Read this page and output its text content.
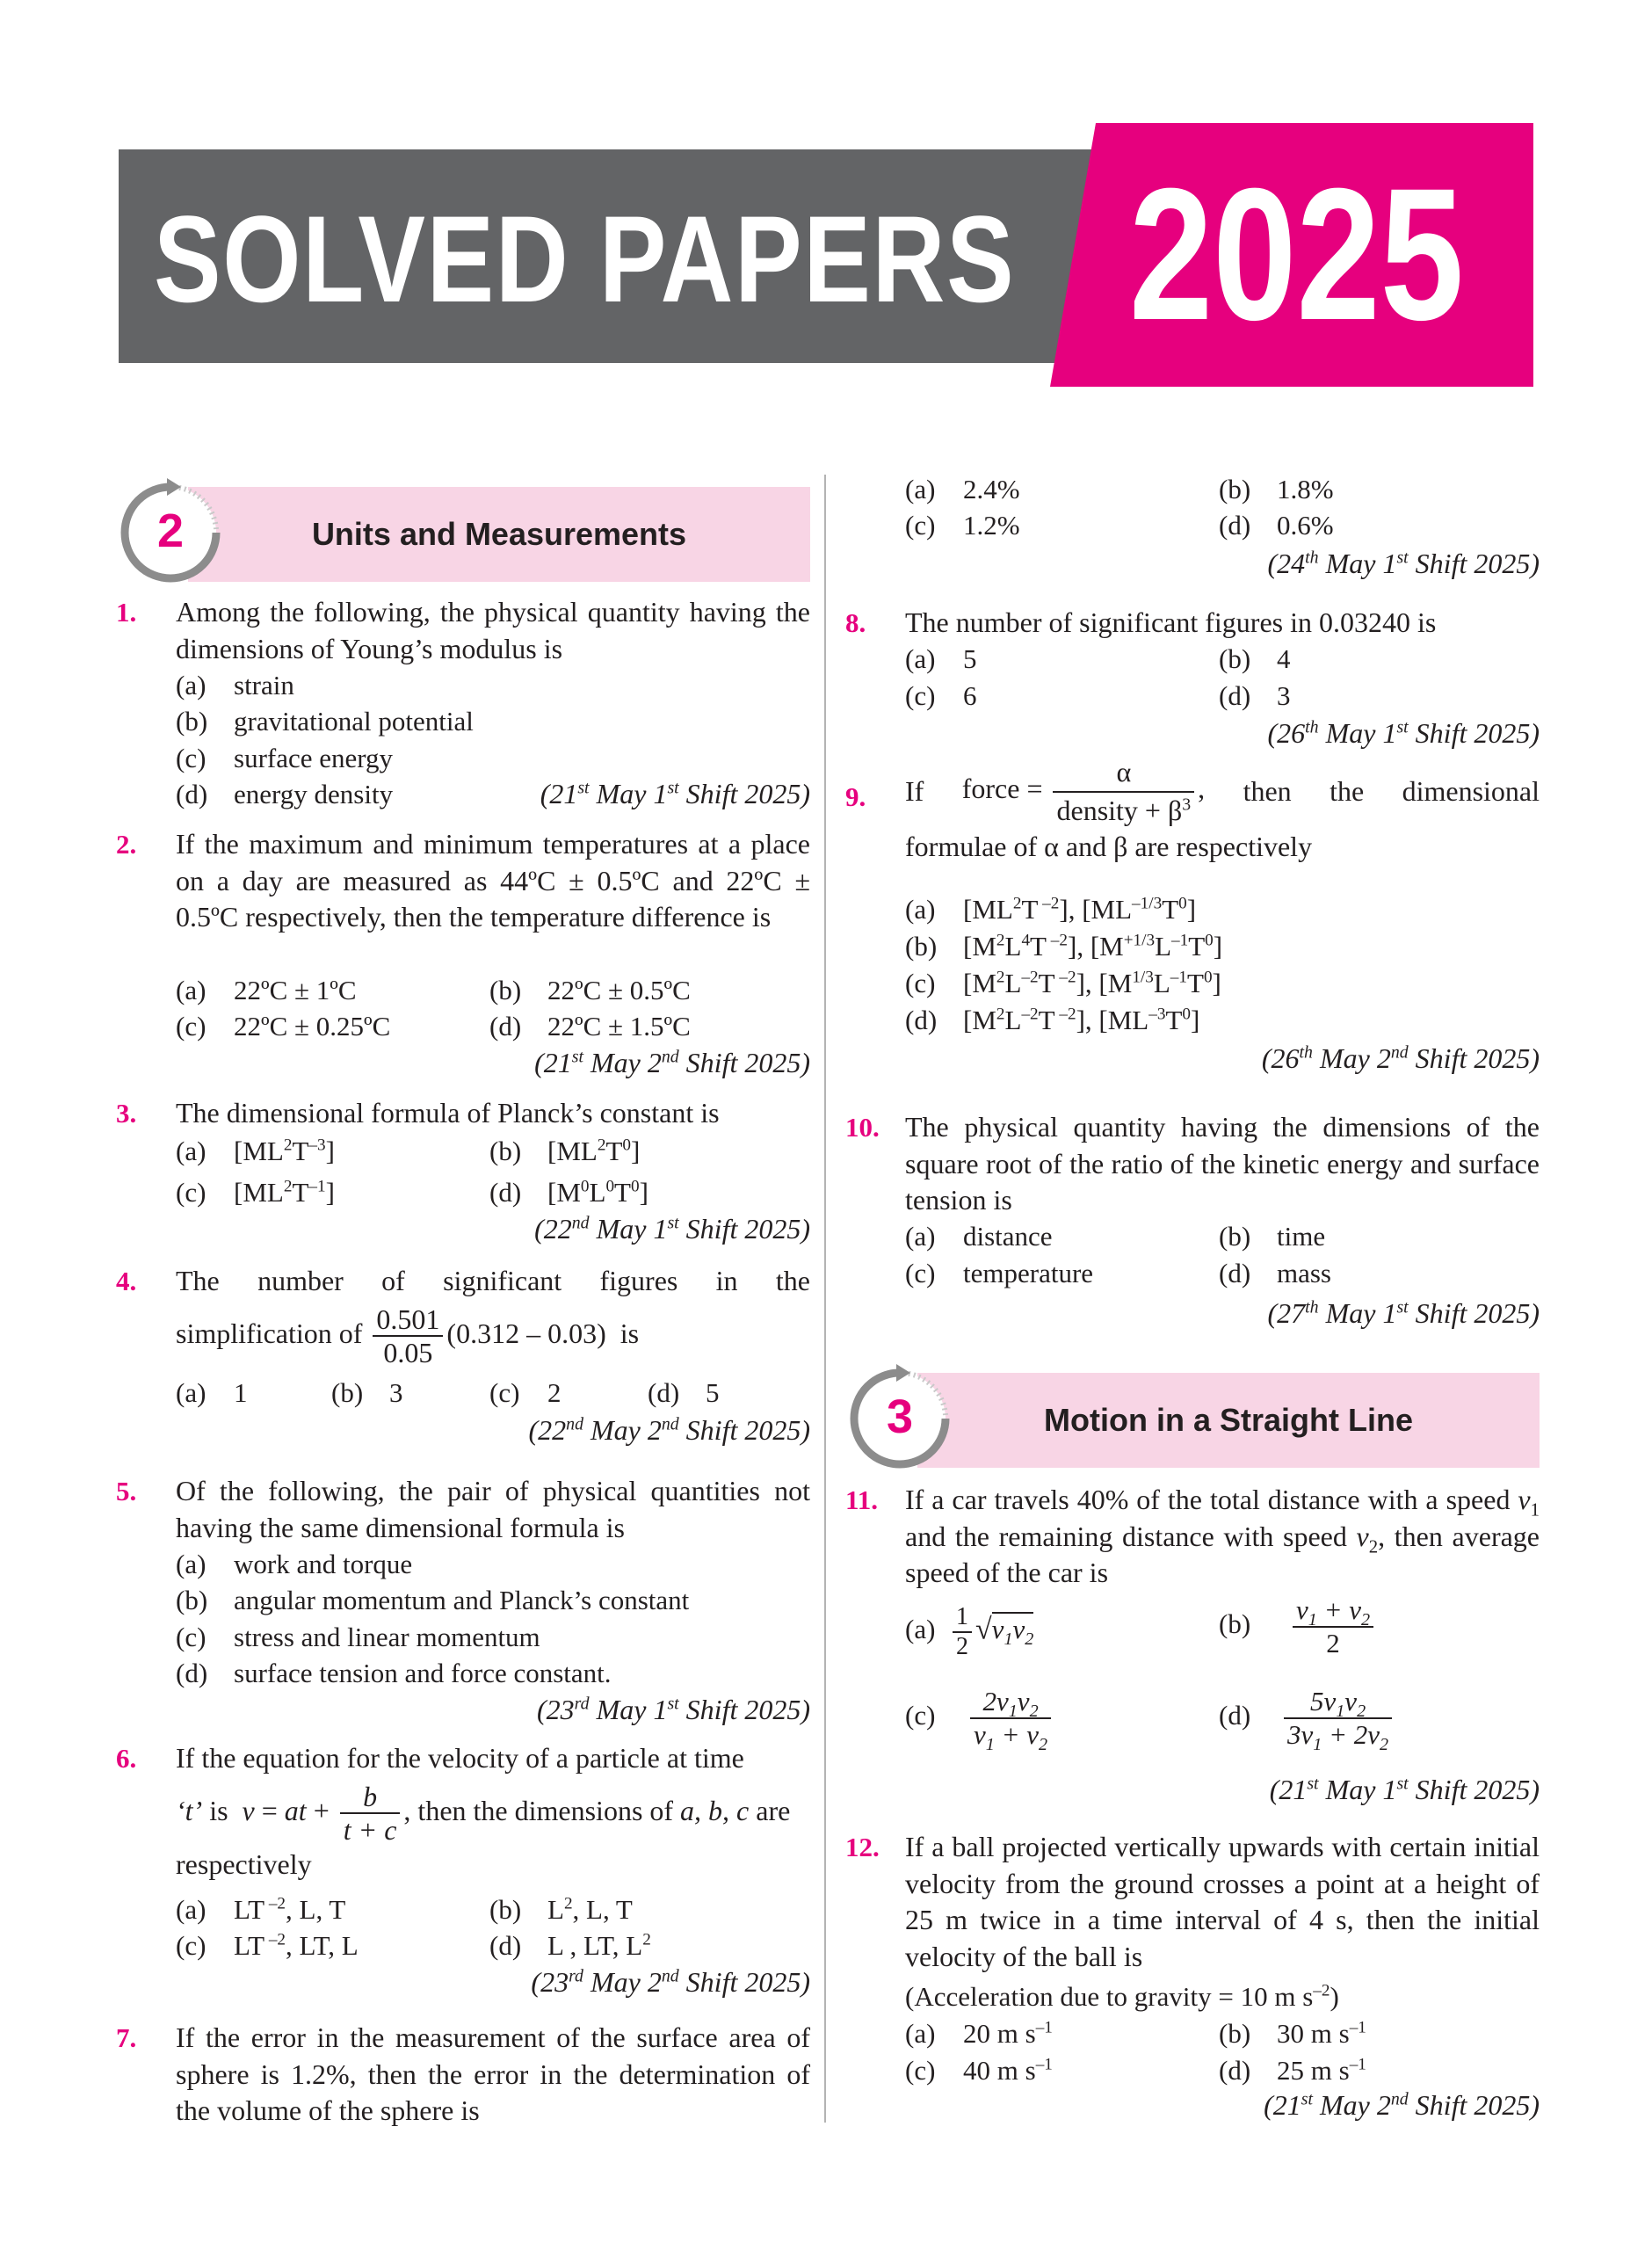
SOLVED PAPERS 2025
2	Units and Measurements
1. Among the following, the physical quantity having the dimensions of Young’s modulus is
(a) strain
(b) gravitational potential
(c) surface energy
(d) energy density	(21st May 1st Shift 2025)
2. If the maximum and minimum temperatures at a place on a day are measured as 44ºC ± 0.5ºC and 22ºC ± 0.5ºC respectively, then the temperature difference is
(a) 22ºC ± 1ºC	(b) 22ºC ± 0.5ºC
(c) 22ºC ± 0.25ºC	(d) 22ºC ± 1.5ºC
(21st May 2nd Shift 2025)
3. The dimensional formula of Planck’s constant is
(a) $[ML^2T^{-3}]$	(b) $[ML^2T^0]$
(c) $[ML^2T^{-1}]$	(d) $[M^0L^0T^0]$
(22nd May 1st Shift 2025)
4. The number of significant figures in the
simplification of $\frac{0.501}{0.05} (0.312 - 0.03)$  is
(a) 1	(b) 3	(c) 2	(d) 5
(22nd May 2nd Shift 2025)
5. Of the following, the pair of physical quantities not having the same dimensional formula is
(a) work and torque
(b) angular momentum and Planck’s constant
(c) stress and linear momentum
(d) surface tension and force constant.
(23rd May 1st Shift 2025)
6. If the equation for the velocity of a particle at time
‘t’ is  v = at + $\frac{b}{t + c}$ , then the dimensions of a, b, c are
respectively
(a) LT $^{-2}$, L, T	(b) $L^2$, L, T
(c) LT $^{-2}$, LT, L	(d) L , LT, $L^2$
(23rd May 2nd Shift 2025)
7. If the error in the measurement of the surface area of sphere is 1.2%, then the error in the determination of the volume of the sphere is
(a) 2.4%	(b) 1.8%
(c) 1.2%	(d) 0.6%
(24th May 1st Shift 2025)
8. The number of significant figures in 0.03240 is
(a) 5	(b) 4
(c) 6	(d) 3
(26th May 1st Shift 2025)
9. If force = $\frac{\alpha}{density + \beta^3}$ , then the dimensional
formulae of α and β are respectively
(a) [$ML^2T$ $^{-2}$], $[ML^{-1/3}T^0]$
(b) [$M^2L^4T$ $^{-2}$], $[M^{+1/3}L^{-1}T^0]$
(c) [$M^2L^{-2}T$ $^{-2}$], $[M^{1/3}L^{-1}T^0]$
(d) [$M^2L^{-2}T$ $^{-2}$], $[ML^{-3}T^0]$
(26th May 2nd Shift 2025)
10. The physical quantity having the dimensions of the square root of the ratio of the kinetic energy and surface tension is
(a) distance	(b) time
(c) temperature	(d) mass
(27th May 1st Shift 2025)
3	Motion in a Straight Line
11. If a car travels 40% of the total distance with a speed $v_1$ and the remaining distance with speed $v_2$, then average speed of the car is
$(a) \frac{1}{2} √v_1v_2$
$(b) \frac{v_1 + v_2}{2}$
$(c) \frac{2v_1v_2}{v_1 + v_2}$	$(d) \frac{5v_1v_2}{3v_1 + 2v_2}$
(21st May 1st Shift 2025)
12. If a ball projected vertically upwards with certain initial velocity from the ground crosses a point at a height of 25 m twice in a time interval of 4 s, then the initial velocity of the ball is
(Acceleration due to gravity = 10 m $s^{-2}$)
(a) 20 m $s^{-1}$	(b) 30 m $s^{-1}$
(c) 40 m $s^{-1}$	(d) 25 m $s^{-1}$
(21st May 2nd Shift 2025)
